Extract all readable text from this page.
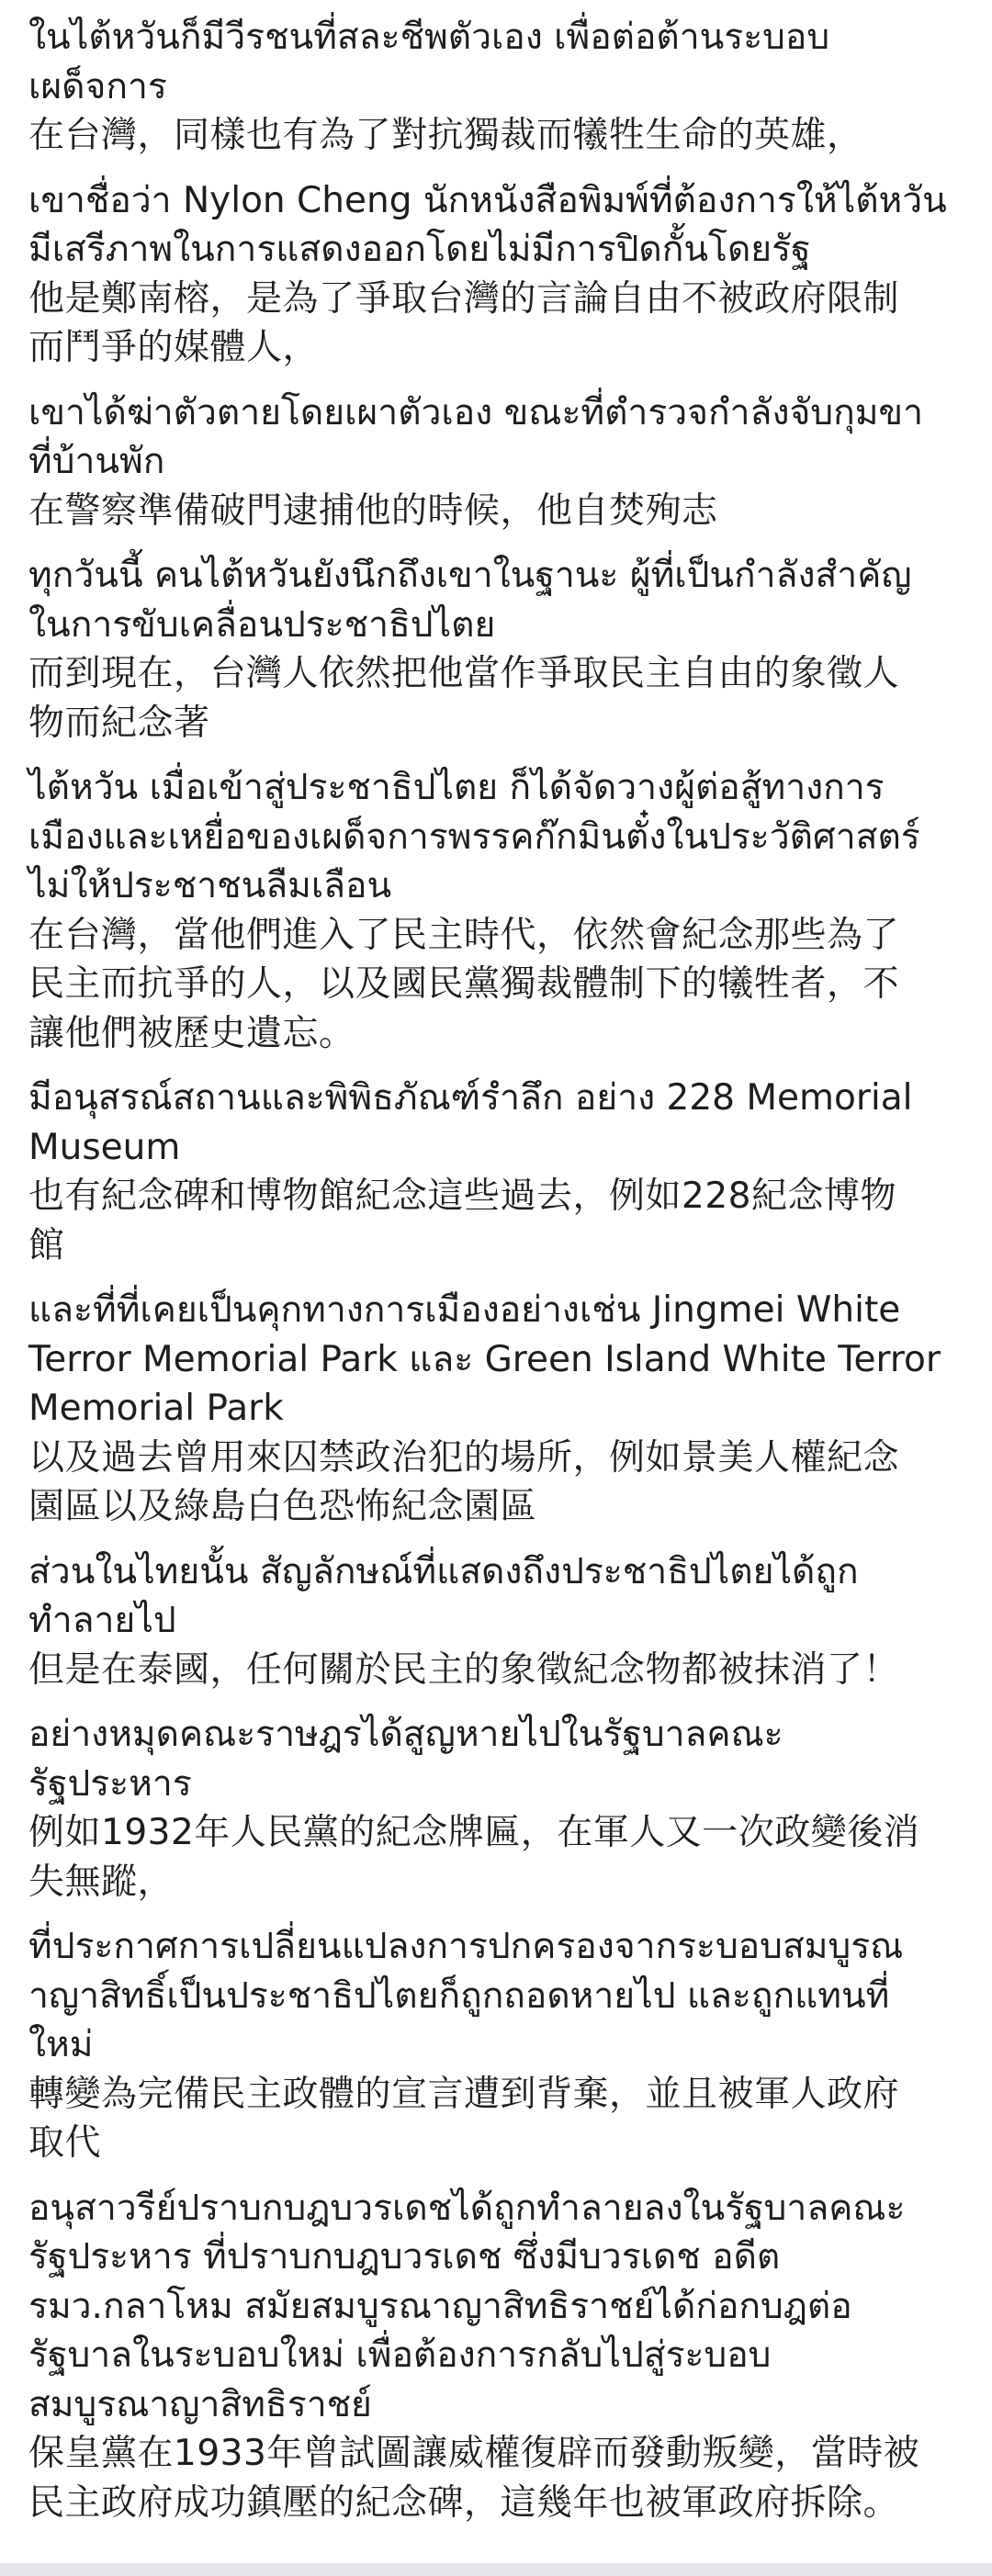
ในไต้หวันก็มีวีรชนที่สละชีพตัวเอง เพื่อต่อต้านระบอบ
เผด็จการ
在台灣，同樣也有為了對抗獨裁而犧牲生命的英雄，
เขาชื่อว่า Nylon Cheng นักหนังสือพิมพ์ที่ต้องการให้ไต้หวัน
มีเสรีภาพในการแสดงออกโดยไม่มีการปิดกั้นโดยรัฐ
他是鄭南榕，是為了爭取台灣的言論自由不被政府限制
而鬥爭的媒體人，
เขาได้ฆ่าตัวตายโดยเผาตัวเอง ขณะที่ตำรวจกำลังจับกุมขา
ที่บ้านพัก
在警察準備破門逮捕他的時候，他自焚殉志
ทุกวันนี้ คนไต้หวันยังนึกถึงเขาในฐานะ ผู้ที่เป็นกำลังสำคัญ
ในการขับเคลื่อนประชาธิปไตย
而到現在，台灣人依然把他當作爭取民主自由的象徵人
物而紀念著
ไต้หวัน เมื่อเข้าสู่ประชาธิปไตย ก็ได้จัดวางผู้ต่อสู้ทางการ
เมืองและเหยื่อของเผด็จการพรรคก๊กมินตั๋งในประวัติศาสตร์
ไม่ให้ประชาชนลืมเลือน
在台灣，當他們進入了民主時代，依然會紀念那些為了
民主而抗爭的人，以及國民黨獨裁體制下的犧牲者，不
讓他們被歷史遺忘。
มีอนุสรณ์สถานและพิพิธภัณฑ์รำลึก อย่าง 228 Memorial
Museum
也有紀念碑和博物館紀念這些過去，例如228紀念博物
館
และที่ที่เคยเป็นคุกทางการเมืองอย่างเช่น Jingmei White
Terror Memorial Park และ Green Island White Terror
Memorial Park
以及過去曾用來囚禁政治犯的場所，例如景美人權紀念
園區以及綠島白色恐怖紀念園區
ส่วนในไทยนั้น สัญลักษณ์ที่แสดงถึงประชาธิปไตยได้ถูก
ทำลายไป
但是在泰國，任何關於民主的象徵紀念物都被抹消了！
อย่างหมุดคณะราษฎรได้สูญหายไปในรัฐบาลคณะ
รัฐประหาร
例如1932年人民黨的紀念牌匾，在軍人又一次政變後消
失無蹤，
ที่ประกาศการเปลี่ยนแปลงการปกครองจากระบอบสมบูรณ
าญาสิทธิ์เป็นประชาธิปไตยก็ถูกถอดหายไป และถูกแทนที่
ใหม่
轉變為完備民主政體的宣言遭到背棄，並且被軍人政府
取代
อนุสาวรีย์ปราบกบฎบวรเดชได้ถูกทำลายลงในรัฐบาลคณะ
รัฐประหาร ที่ปราบกบฎบวรเดช ซึ่งมีบวรเดช อดีต
รมว.กลาโหม สมัยสมบูรณาญาสิทธิราชย์ได้ก่อกบฎต่อ
รัฐบาลในระบอบใหม่ เพื่อต้องการกลับไปสู่ระบอบ
สมบูรณาญาสิทธิราชย์
保皇黨在1933年曾試圖讓威權復辟而發動叛變，當時被
民主政府成功鎮壓的紀念碑，這幾年也被軍政府拆除。
